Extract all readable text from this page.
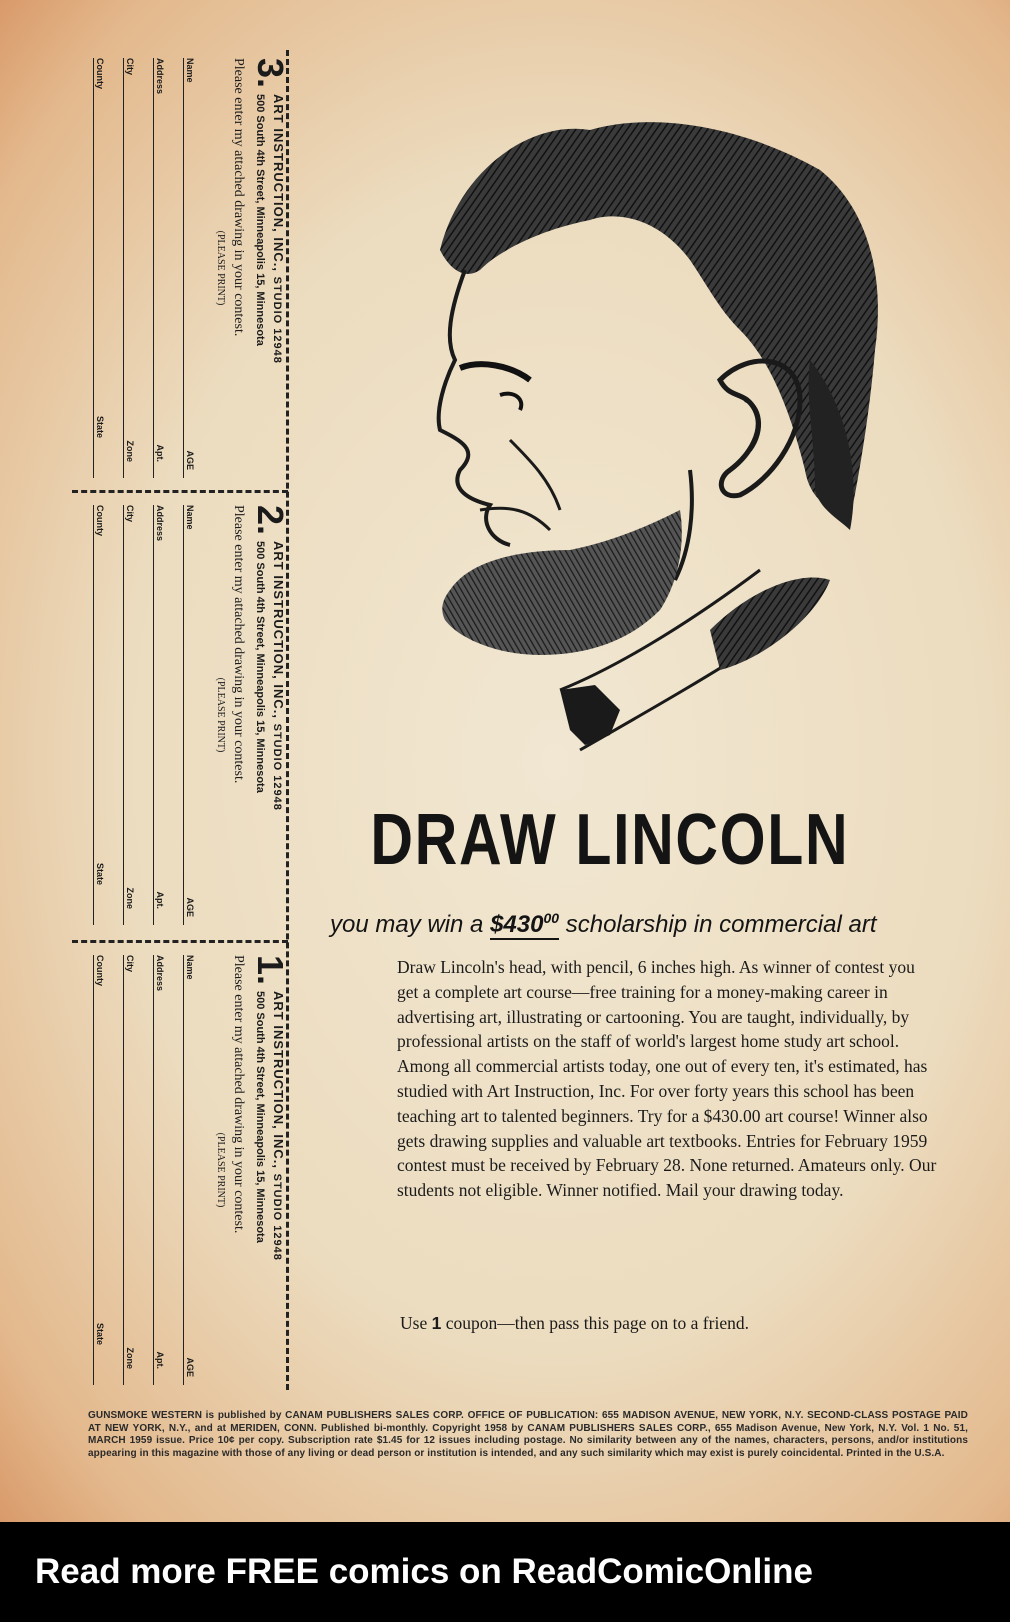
3.
ART INSTRUCTION, INC., STUDIO 12948
500 South 4th Street, Minneapolis 15, Minnesota
Please enter my attached drawing in your contest.
(PLEASE PRINT)
Name
AGE
Address
Apt.
City
Zone
County
State
2.
ART INSTRUCTION, INC., STUDIO 12948
500 South 4th Street, Minneapolis 15, Minnesota
Please enter my attached drawing in your contest.
(PLEASE PRINT)
Name
AGE
Address
Apt.
City
Zone
County
State
1.
ART INSTRUCTION, INC., STUDIO 12948
500 South 4th Street, Minneapolis 15, Minnesota
Please enter my attached drawing in your contest.
(PLEASE PRINT)
Name
AGE
Address
Apt.
City
Zone
County
State
DRAW LINCOLN
you may win a $\$430^{00}$ scholarship in commercial art
Draw Lincoln's head, with pencil, 6 inches high. As winner of contest you get a complete art course—free training for a money-making career in advertising art, illustrating or cartooning. You are taught, individually, by professional artists on the staff of world's largest home study art school. Among all commercial artists today, one out of every ten, it's estimated, has studied with Art Instruction, Inc. For over forty years this school has been teaching art to talented beginners. Try for a $430.00 art course! Winner also gets drawing supplies and valuable art textbooks. Entries for February 1959 contest must be received by February 28. None returned. Amateurs only. Our students not eligible. Winner notified. Mail your drawing today.
Use 1 coupon—then pass this page on to a friend.
GUNSMOKE WESTERN is published by CANAM PUBLISHERS SALES CORP. OFFICE OF PUBLICATION: 655 MADISON AVENUE, NEW YORK, N.Y. SECOND-CLASS POSTAGE PAID AT NEW YORK, N.Y., and at MERIDEN, CONN. Published bi-monthly. Copyright 1958 by CANAM PUBLISHERS SALES CORP., 655 Madison Avenue, New York, N.Y. Vol. 1 No. 51, MARCH 1959 issue. Price 10¢ per copy. Subscription rate $1.45 for 12 issues including postage. No similarity between any of the names, characters, persons, and/or institutions appearing in this magazine with those of any living or dead person or institution is intended, and any such similarity which may exist is purely coincidental. Printed in the U.S.A.
Read more FREE comics on ReadComicOnline
